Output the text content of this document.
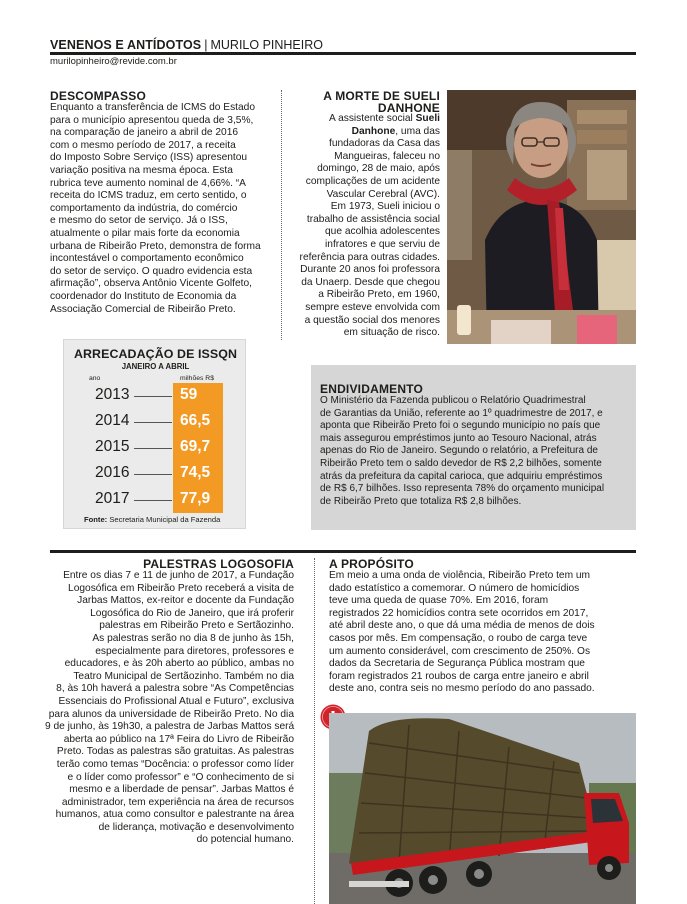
VENENOS E ANTÍDOTOS | MURILO PINHEIRO
murilopinheiro@revide.com.br
DESCOMPASSO
Enquanto a transferência de ICMS do Estado
para o município apresentou queda de 3,5%,
na comparação de janeiro a abril de 2016
com o mesmo período de 2017, a receita
do Imposto Sobre Serviço (ISS) apresentou
variação positiva na mesma época. Esta
rubrica teve aumento nominal de 4,66%. “A
receita do ICMS traduz, em certo sentido, o
comportamento da indústria, do comércio
e mesmo do setor de serviço. Já o ISS,
atualmente o pilar mais forte da economia
urbana de Ribeirão Preto, demonstra de forma
incontestável o comportamento econômico
do setor de serviço. O quadro evidencia esta
afirmação”, observa Antônio Vicente Golfeto,
coordenador do Instituto de Economia da
Associação Comercial de Ribeirão Preto.
ARRECADAÇÃO DE ISSQN
JANEIRO A ABRIL
ano	milhões R$
2013	59
2014	66,5
2015	69,7
2016	74,5
2017	77,9
Fonte: Secretaria Municipal da Fazenda
A MORTE DE SUELI
DANHONE
A assistente social Sueli
Danhone, uma das
fundadoras da Casa das
Mangueiras, faleceu no
domingo, 28 de maio, após
complicações de um acidente
Vascular Cerebral (AVC).
Em 1973, Sueli iniciou o
trabalho de assistência social
que acolhia adolescentes
infratores e que serviu de
referência para outras cidades.
Durante 20 anos foi professora
da Unaerp. Desde que chegou
a Ribeirão Preto, em 1960,
sempre esteve envolvida com
a questão social dos menores
em situação de risco.
ENDIVIDAMENTO
O Ministério da Fazenda publicou o Relatório Quadrimestral
de Garantias da União, referente ao 1º quadrimestre de 2017, e
aponta que Ribeirão Preto foi o segundo município no país que
mais assegurou empréstimos junto ao Tesouro Nacional, atrás
apenas do Rio de Janeiro. Segundo o relatório, a Prefeitura de
Ribeirão Preto tem o saldo devedor de R$ 2,2 bilhões, somente
atrás da prefeitura da capital carioca, que adquiriu empréstimos
de R$ 6,7 bilhões. Isso representa 78% do orçamento municipal
de Ribeirão Preto que totaliza R$ 2,8 bilhões.
PALESTRAS LOGOSOFIA
Entre os dias 7 e 11 de junho de 2017, a Fundação
Logosófica em Ribeirão Preto receberá a visita de
Jarbas Mattos, ex-reitor e docente da Fundação
Logosófica do Rio de Janeiro, que irá proferir
palestras em Ribeirão Preto e Sertãozinho.
As palestras serão no dia 8 de junho às 15h,
especialmente para diretores, professores e
educadores, e às 20h aberto ao público, ambas no
Teatro Municipal de Sertãozinho. Também no dia
8, às 10h haverá a palestra sobre “As Competências
Essenciais do Profissional Atual e Futuro”, exclusiva
para alunos da universidade de Ribeirão Preto. No dia
9 de junho, às 19h30, a palestra de Jarbas Mattos será
aberta ao público na 17ª Feira do Livro de Ribeirão
Preto. Todas as palestras são gratuitas. As palestras
terão como temas “Docência: o professor como líder
e o líder como professor” e “O conhecimento de si
mesmo e a liberdade de pensar”. Jarbas Mattos é
administrador, tem experiência na área de recursos
humanos, atua como consultor e palestrante na área
de liderança, motivação e desenvolvimento
do potencial humano.
A PROPÓSITO
Em meio a uma onda de violência, Ribeirão Preto tem um
dado estatístico a comemorar. O número de homicídios
teve uma queda de quase 70%. Em 2016, foram
registrados 22 homicídios contra sete ocorridos em 2017,
até abril deste ano, o que dá uma média de menos de dois
casos por mês. Em compensação, o roubo de carga teve
um aumento considerável, com crescimento de 250%. Os
dados da Secretaria de Segurança Pública mostram que
foram registrados 21 roubos de carga entre janeiro e abril
deste ano, contra seis no mesmo período do ano passado.
